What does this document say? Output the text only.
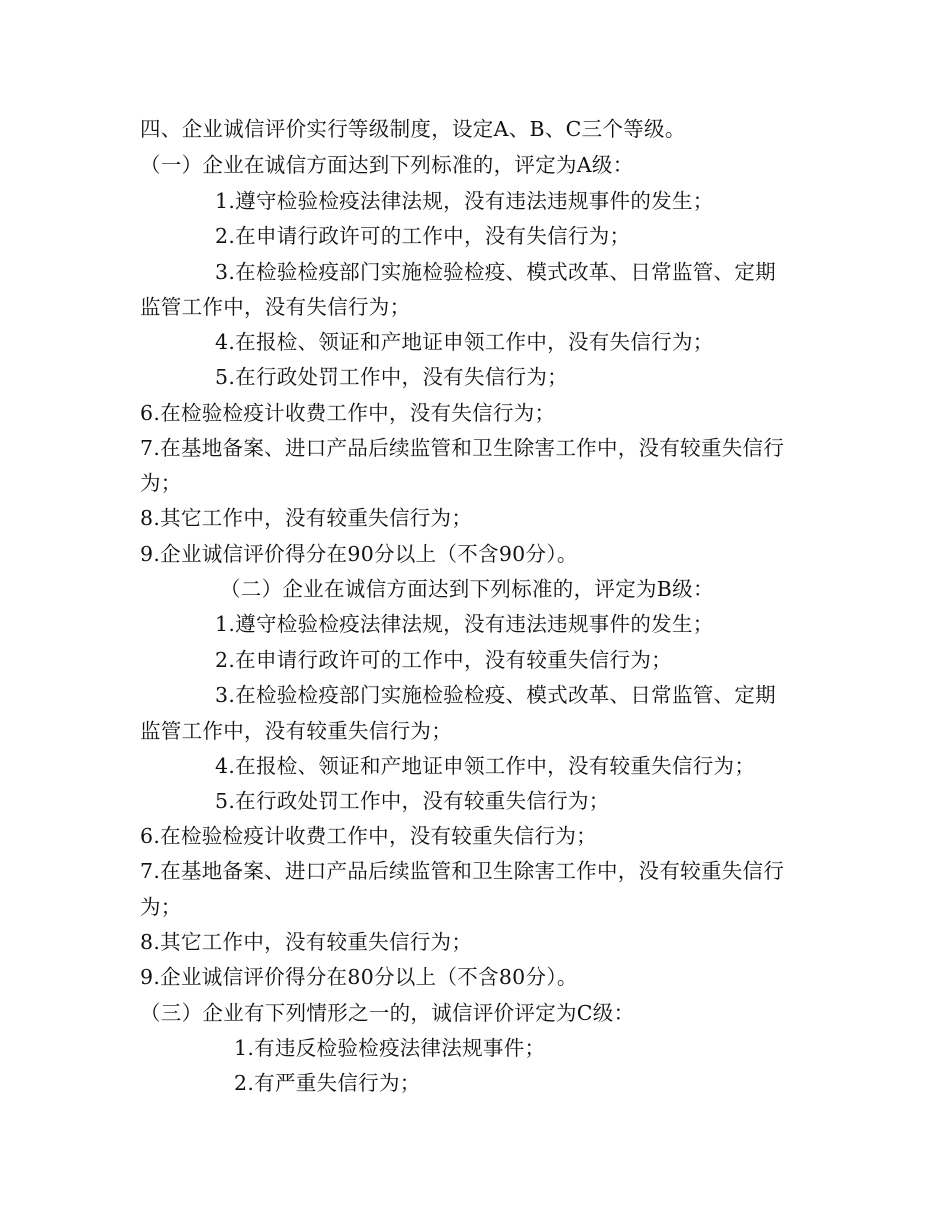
四、企业诚信评价实行等级制度，设定A、B、C三个等级。
（一）企业在诚信方面达到下列标准的，评定为A级：
1.遵守检验检疫法律法规，没有违法违规事件的发生；
2.在申请行政许可的工作中，没有失信行为；
3.在检验检疫部门实施检验检疫、模式改革、日常监管、定期
监管工作中，没有失信行为；
4.在报检、领证和产地证申领工作中，没有失信行为；
5.在行政处罚工作中，没有失信行为；
6.在检验检疫计收费工作中，没有失信行为；
7.在基地备案、进口产品后续监管和卫生除害工作中，没有较重失信行
为；
8.其它工作中，没有较重失信行为；
9.企业诚信评价得分在90分以上（不含90分）。
（二）企业在诚信方面达到下列标准的，评定为B级：
1.遵守检验检疫法律法规，没有违法违规事件的发生；
2.在申请行政许可的工作中，没有较重失信行为；
3.在检验检疫部门实施检验检疫、模式改革、日常监管、定期
监管工作中，没有较重失信行为；
4.在报检、领证和产地证申领工作中，没有较重失信行为；
5.在行政处罚工作中，没有较重失信行为；
6.在检验检疫计收费工作中，没有较重失信行为；
7.在基地备案、进口产品后续监管和卫生除害工作中，没有较重失信行
为；
8.其它工作中，没有较重失信行为；
9.企业诚信评价得分在80分以上（不含80分）。
（三）企业有下列情形之一的，诚信评价评定为C级：
1.有违反检验检疫法律法规事件；
2.有严重失信行为；
